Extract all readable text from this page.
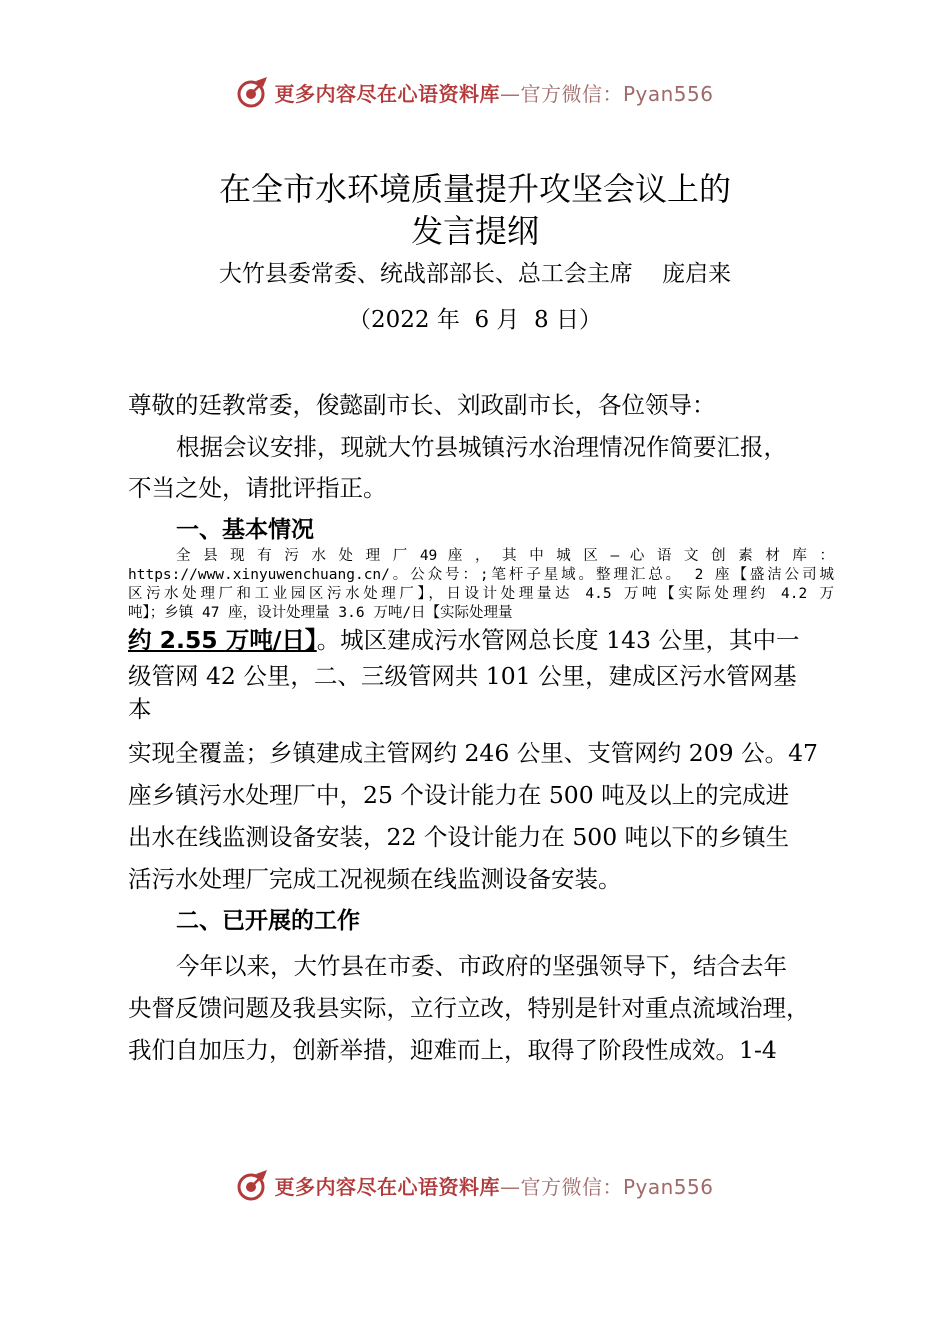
更多内容尽在心语资料库—官方微信：Pyan556
在全市水环境质量提升攻坚会议上的
发言提纲
大竹县委常委、统战部部长、总工会主席    庞启来
（2022 年  6 月  8 日）
尊敬的廷教常委，俊懿副市长、刘政副市长，各位领导：
根据会议安排，现就大竹县城镇污水治理情况作简要汇报，
不当之处，请批评指正。
一、基本情况
全 县 现 有 污 水 处 理 厂 49 座 ， 其 中 城 区 — 心 语 文 创 素 材 库 ：
https://www.xinyuwenchuang.cn/。公众号：;笔杆子星域。整理汇总。 2 座【盛洁公司城
区污水处理厂和工业园区污水处理厂】，日设计处理量达 4.5 万吨【实际处理约 4.2 万
吨】；乡镇 47 座，设计处理量 3.6 万吨/日【实际处理量
约 2.55 万吨/日】。城区建成污水管网总长度 143 公里，其中一
级管网 42 公里，二、三级管网共 101 公里，建成区污水管网基
本
实现全覆盖；乡镇建成主管网约 246 公里、支管网约 209 公。47
座乡镇污水处理厂中，25 个设计能力在 500 吨及以上的完成进
出水在线监测设备安装，22 个设计能力在 500 吨以下的乡镇生
活污水处理厂完成工况视频在线监测设备安装。
二、已开展的工作
今年以来，大竹县在市委、市政府的坚强领导下，结合去年
央督反馈问题及我县实际，立行立改，特别是针对重点流域治理，
我们自加压力，创新举措，迎难而上，取得了阶段性成效。1-4
更多内容尽在心语资料库—官方微信：Pyan556
